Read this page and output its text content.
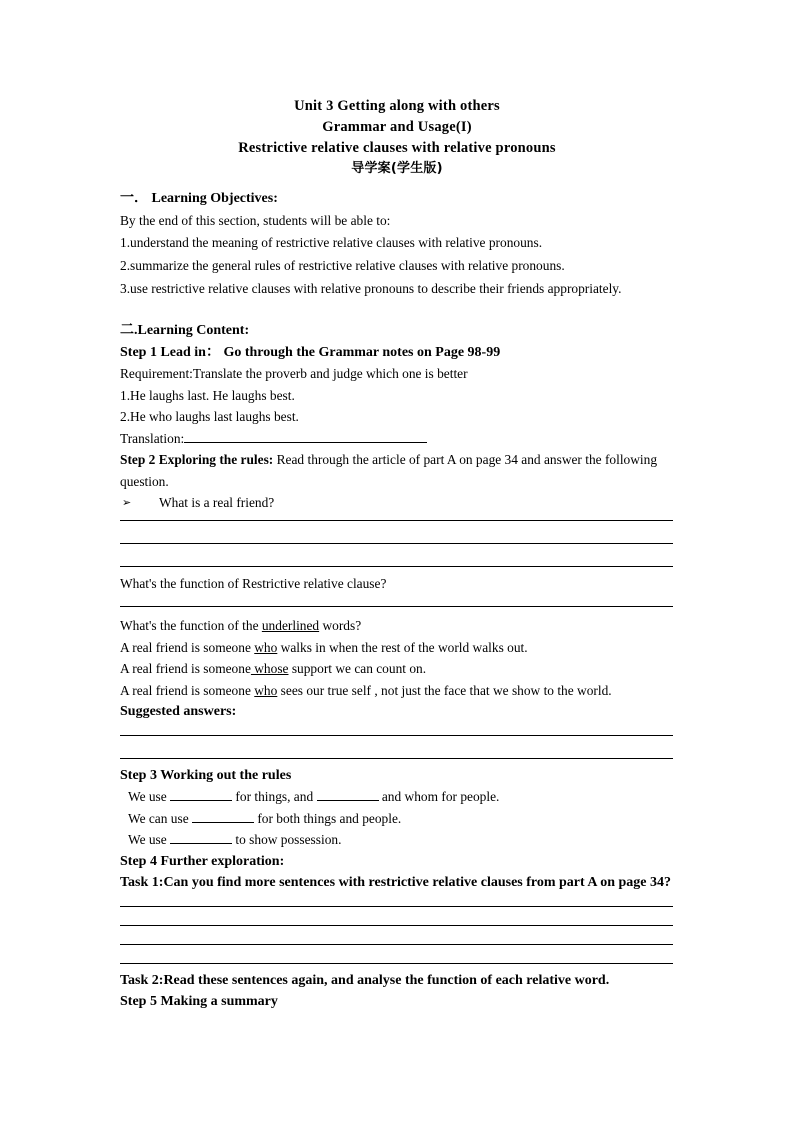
Unit 3 Getting along with others
Grammar and Usage(I)
Restrictive relative clauses with relative pronouns
导学案(学生版)
一． Learning Objectives:
By the end of this section, students will be able to:
1.understand the meaning of restrictive relative clauses with relative pronouns.
2.summarize the general rules of restrictive relative clauses with relative pronouns.
3.use restrictive relative clauses with relative pronouns to describe their friends appropriately.
二.Learning Content:
Step 1 Lead in： Go through the Grammar notes on Page 98-99
Requirement:Translate the proverb and judge which one is better
1.He laughs last. He laughs best.
2.He who laughs last laughs best.
Translation:
Step 2 Exploring the rules: Read through the article of part A on page 34 and answer the following question.
➢ What is a real friend?
What's the function of Restrictive relative clause?
What's the function of the underlined words?
A real friend is someone who walks in when the rest of the world walks out.
A real friend is someone whose support we can count on.
A real friend is someone who sees our true self , not just the face that we show to the world.
Suggested answers:
Step 3 Working out the rules
We use	for things, and	and whom for people.
We can use	for both things and people.
We use	to show possession.
Step 4 Further exploration:
Task 1:Can you find more sentences with restrictive relative clauses from part A on page 34?
Task 2:Read these sentences again, and analyse the function of each relative word.
Step 5 Making a summary
